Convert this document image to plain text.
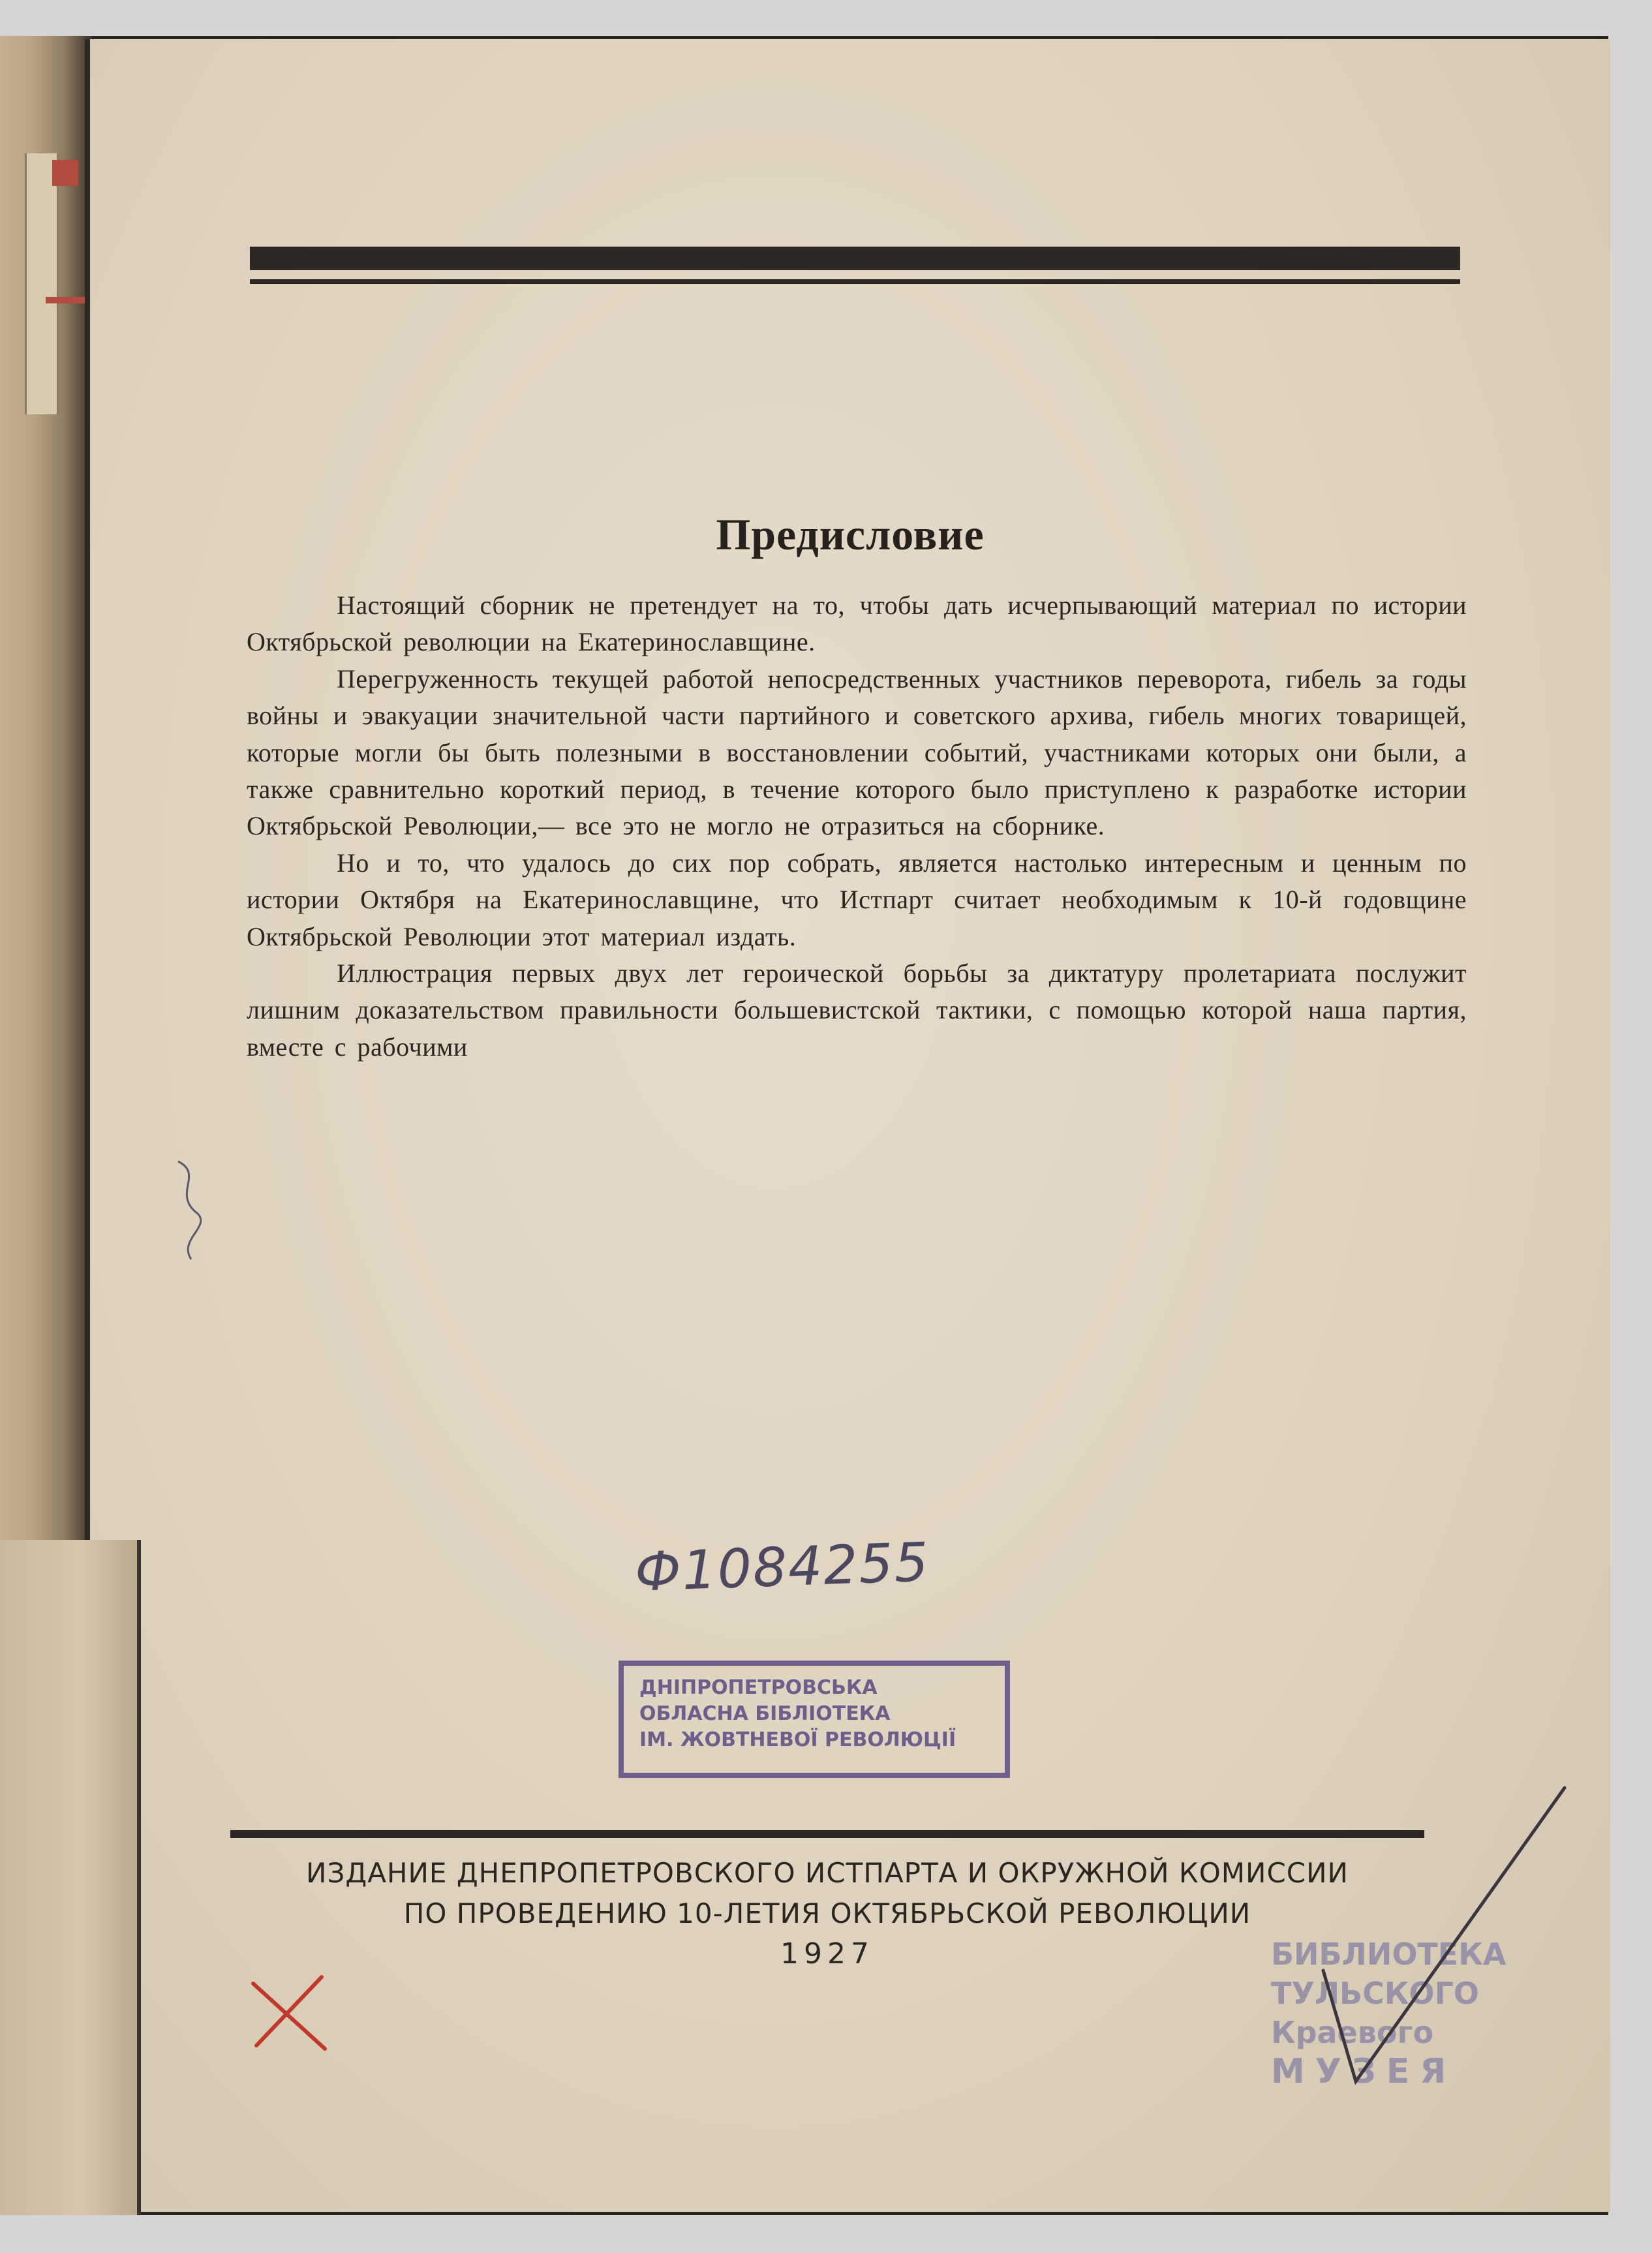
Предисловие

Настоящий сборник не претендует на то, чтобы дать исчерпывающий материал по истории Октябрьской революции на Екатеринославщине.

Перегруженность текущей работой непосредственных участников переворота, гибель за годы войны и эвакуации значительной части партийного и советского архива, гибель многих товарищей, которые могли бы быть полезными в восстановлении событий, участниками которых они были, а также сравнительно короткий период, в течение которого было приступлено к разработке истории Октябрьской Революции,— все это не могло не отразиться на сборнике.

Но и то, что удалось до сих пор собрать, является настолько интересным и ценным по истории Октября на Екатеринославщине, что Истпарт считает необходимым к 10-й годовщине Октябрьской Революции этот материал издать.

Иллюстрация первых двух лет героической борьбы за диктатуру пролетариата послужит лишним доказательством правильности большевистской тактики, с помощью которой наша партия, вместе с рабочими

Ф1084255
ДНІПРОПЕТРОВСЬКА
ОБЛАСНА БІБЛІОТЕКА
ІМ. ЖОВТНЕВОЇ РЕВОЛЮЦІЇ
ИЗДАНИЕ ДНЕПРОПЕТРОВСКОГО ИСТПАРТА И ОКРУЖНОЙ КОМИССИИ
ПО ПРОВЕДЕНИЮ 10-ЛЕТИЯ ОКТЯБРЬСКОЙ РЕВОЛЮЦИИ
1927	БИБЛИОТЕКА
ТУЛЬСКОГО
Краевого
МУЗЕЯ
